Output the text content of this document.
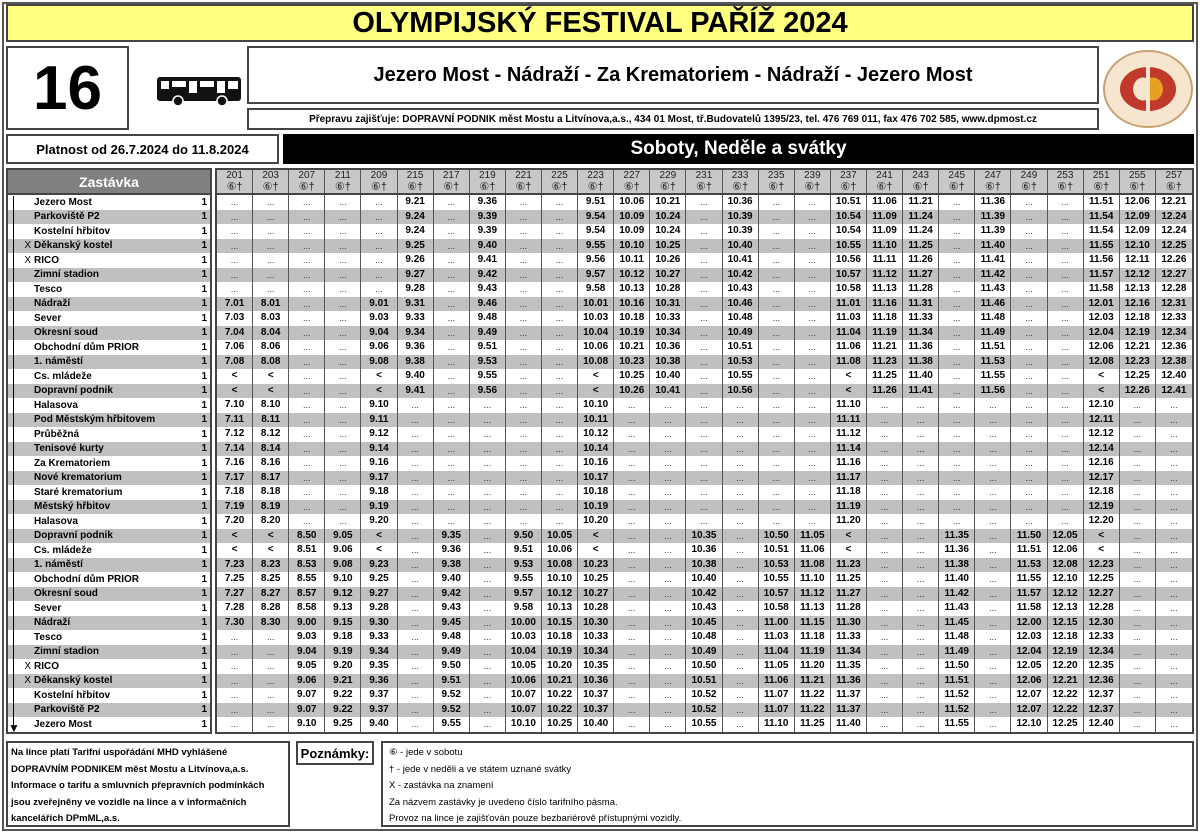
OLYMPIJSKÝ FESTIVAL PAŘÍŽ 2024
16	Jezero Most - Nádraží - Za Krematoriem - Nádraží - Jezero Most
Přepravu zajišťuje: DOPRAVNÍ PODNIK měst Mostu a Litvínova,a.s., 434 01 Most, tř.Budovatelů 1395/23, tel. 476 769 011, fax 476 702 585, www.dpmost.cz
Platnost od 26.7.2024 do 11.8.2024	Soboty, Neděle a svátky
Zastávka
Jezero Most	1
Parkoviště P2	1
Kostelní hřbitov	1
X Děkanský kostel	1
X RICO	1
Zimní stadion	1
Tesco	1
Nádraží	1
Sever	1
Okresní soud	1
Obchodní dům PRIOR	1
1. náměstí	1
Cs. mládeže	1
Dopravní podnik	1
Halasova	1
Pod Městským hřbitovem	1
Průběžná	1
Tenisové kurty	1
Za Krematoriem	1
Nové krematorium	1
Staré krematorium	1
Městský hřbitov	1
Halasova	1
Dopravní podnik	1
Cs. mládeže	1
1. náměstí	1
Obchodní dům PRIOR	1
Okresní soud	1
Sever	1
Nádraží	1
Tesco	1
Zimní stadion	1
X RICO	1
X Děkanský kostel	1
Kostelní hřbitov	1
Parkoviště P2	1
Jezero Most	1
▼
201	203	207	211	209	215	217	219	221	225	223	227	229	231	233	235	239	237	241	243	245	247	249	253	251	255	257
⑥†	⑥†	⑥†	⑥†	⑥†	⑥†	⑥†	⑥†	⑥†	⑥†	⑥†	⑥†	⑥†	⑥†	⑥†	⑥†	⑥†	⑥†	⑥†	⑥†	⑥†	⑥†	⑥†	⑥†	⑥†	⑥†	⑥†
...	...	...	...	...	9.21	...	9.36	...	...	9.51	10.06	10.21	...	10.36	...	...	10.51	11.06	11.21	...	11.36	...	...	11.51	12.06	12.21
...	...	...	...	...	9.24	...	9.39	...	...	9.54	10.09	10.24	...	10.39	...	...	10.54	11.09	11.24	...	11.39	...	...	11.54	12.09	12.24
...	...	...	...	...	9.24	...	9.39	...	...	9.54	10.09	10.24	...	10.39	...	...	10.54	11.09	11.24	...	11.39	...	...	11.54	12.09	12.24
...	...	...	...	...	9.25	...	9.40	...	...	9.55	10.10	10.25	...	10.40	...	...	10.55	11.10	11.25	...	11.40	...	...	11.55	12.10	12.25
...	...	...	...	...	9.26	...	9.41	...	...	9.56	10.11	10.26	...	10.41	...	...	10.56	11.11	11.26	...	11.41	...	...	11.56	12.11	12.26
...	...	...	...	...	9.27	...	9.42	...	...	9.57	10.12	10.27	...	10.42	...	...	10.57	11.12	11.27	...	11.42	...	...	11.57	12.12	12.27
...	...	...	...	...	9.28	...	9.43	...	...	9.58	10.13	10.28	...	10.43	...	...	10.58	11.13	11.28	...	11.43	...	...	11.58	12.13	12.28
7.01	8.01	...	...	9.01	9.31	...	9.46	...	...	10.01	10.16	10.31	...	10.46	...	...	11.01	11.16	11.31	...	11.46	...	...	12.01	12.16	12.31
7.03	8.03	...	...	9.03	9.33	...	9.48	...	...	10.03	10.18	10.33	...	10.48	...	...	11.03	11.18	11.33	...	11.48	...	...	12.03	12.18	12.33
7.04	8.04	...	...	9.04	9.34	...	9.49	...	...	10.04	10.19	10.34	...	10.49	...	...	11.04	11.19	11.34	...	11.49	...	...	12.04	12.19	12.34
7.06	8.06	...	...	9.06	9.36	...	9.51	...	...	10.06	10.21	10.36	...	10.51	...	...	11.06	11.21	11.36	...	11.51	...	...	12.06	12.21	12.36
7.08	8.08	...	...	9.08	9.38	...	9.53	...	...	10.08	10.23	10.38	...	10.53	...	...	11.08	11.23	11.38	...	11.53	...	...	12.08	12.23	12.38
<	<	...	...	<	9.40	...	9.55	...	...	<	10.25	10.40	...	10.55	...	...	<	11.25	11.40	...	11.55	...	...	<	12.25	12.40
<	<	...	...	<	9.41	...	9.56	...	...	<	10.26	10.41	...	10.56	...	...	<	11.26	11.41	...	11.56	...	...	<	12.26	12.41
7.10	8.10	...	...	9.10	...	...	...	...	...	10.10	...	...	...	...	...	...	11.10	...	...	...	...	...	...	12.10	...	...
7.11	8.11	...	...	9.11	...	...	...	...	...	10.11	...	...	...	...	...	...	11.11	...	...	...	...	...	...	12.11	...	...
7.12	8.12	...	...	9.12	...	...	...	...	...	10.12	...	...	...	...	...	...	11.12	...	...	...	...	...	...	12.12	...	...
7.14	8.14	...	...	9.14	...	...	...	...	...	10.14	...	...	...	...	...	...	11.14	...	...	...	...	...	...	12.14	...	...
7.16	8.16	...	...	9.16	...	...	...	...	...	10.16	...	...	...	...	...	...	11.16	...	...	...	...	...	...	12.16	...	...
7.17	8.17	...	...	9.17	...	...	...	...	...	10.17	...	...	...	...	...	...	11.17	...	...	...	...	...	...	12.17	...	...
7.18	8.18	...	...	9.18	...	...	...	...	...	10.18	...	...	...	...	...	...	11.18	...	...	...	...	...	...	12.18	...	...
7.19	8.19	...	...	9.19	...	...	...	...	...	10.19	...	...	...	...	...	...	11.19	...	...	...	...	...	...	12.19	...	...
7.20	8.20	...	...	9.20	...	...	...	...	...	10.20	...	...	...	...	...	...	11.20	...	...	...	...	...	...	12.20	...	...
<	<	8.50	9.05	<	...	9.35	...	9.50	10.05	<	...	...	10.35	...	10.50	11.05	<	...	...	11.35	...	11.50	12.05	<	...	...
<	<	8.51	9.06	<	...	9.36	...	9.51	10.06	<	...	...	10.36	...	10.51	11.06	<	...	...	11.36	...	11.51	12.06	<	...	...
7.23	8.23	8.53	9.08	9.23	...	9.38	...	9.53	10.08	10.23	...	...	10.38	...	10.53	11.08	11.23	...	...	11.38	...	11.53	12.08	12.23	...	...
7.25	8.25	8.55	9.10	9.25	...	9.40	...	9.55	10.10	10.25	...	...	10.40	...	10.55	11.10	11.25	...	...	11.40	...	11.55	12.10	12.25	...	...
7.27	8.27	8.57	9.12	9.27	...	9.42	...	9.57	10.12	10.27	...	...	10.42	...	10.57	11.12	11.27	...	...	11.42	...	11.57	12.12	12.27	...	...
7.28	8.28	8.58	9.13	9.28	...	9.43	...	9.58	10.13	10.28	...	...	10.43	...	10.58	11.13	11.28	...	...	11.43	...	11.58	12.13	12.28	...	...
7.30	8.30	9.00	9.15	9.30	...	9.45	...	10.00	10.15	10.30	...	...	10.45	...	11.00	11.15	11.30	...	...	11.45	...	12.00	12.15	12.30	...	...
...	...	9.03	9.18	9.33	...	9.48	...	10.03	10.18	10.33	...	...	10.48	...	11.03	11.18	11.33	...	...	11.48	...	12.03	12.18	12.33	...	...
...	...	9.04	9.19	9.34	...	9.49	...	10.04	10.19	10.34	...	...	10.49	...	11.04	11.19	11.34	...	...	11.49	...	12.04	12.19	12.34	...	...
...	...	9.05	9.20	9.35	...	9.50	...	10.05	10.20	10.35	...	...	10.50	...	11.05	11.20	11.35	...	...	11.50	...	12.05	12.20	12.35	...	...
...	...	9.06	9.21	9.36	...	9.51	...	10.06	10.21	10.36	...	...	10.51	...	11.06	11.21	11.36	...	...	11.51	...	12.06	12.21	12.36	...	...
...	...	9.07	9.22	9.37	...	9.52	...	10.07	10.22	10.37	...	...	10.52	...	11.07	11.22	11.37	...	...	11.52	...	12.07	12.22	12.37	...	...
...	...	9.07	9.22	9.37	...	9.52	...	10.07	10.22	10.37	...	...	10.52	...	11.07	11.22	11.37	...	...	11.52	...	12.07	12.22	12.37	...	...
...	...	9.10	9.25	9.40	...	9.55	...	10.10	10.25	10.40	...	...	10.55	...	11.10	11.25	11.40	...	...	11.55	...	12.10	12.25	12.40	...	...
Na lince platí Tarifní uspořádání MHD vyhlášené
DOPRAVNÍM PODNIKEM měst Mostu a Litvínova,a.s.
Informace o tarifu a smluvních přepravních podmínkách
jsou zveřejněny ve vozidle na lince a v informačních
kancelářích DPmML,a.s.
Poznámky:	⑥ - jede v sobotu
† - jede v neděli a ve státem uznané svátky
X - zastávka na znamení
Za názvem zastávky je uvedeno číslo tarifního pásma.
Provoz na lince je zajišťován pouze bezbariérově přístupnými vozidly.
